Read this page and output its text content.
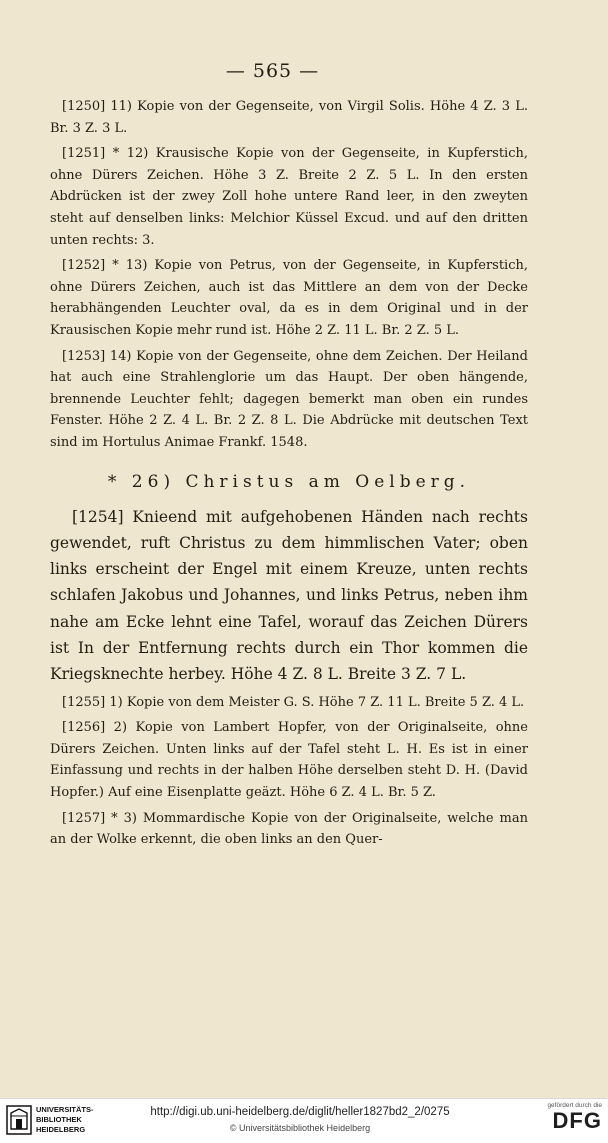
— 565 —

[1250] 11) Kopie von der Gegenseite, von Virgil Solis. Höhe 4 Z. 3 L. Br. 3 Z. 3 L.

[1251] * 12) Krausische Kopie von der Gegenseite, in Kupferstich, ohne Dürers Zeichen. Höhe 3 Z. Breite 2 Z. 5 L. In den ersten Abdrücken ist der zwey Zoll hohe untere Rand leer, in den zweyten steht auf denselben links: Melchior Küssel Excud. und auf den dritten unten rechts: 3.

[1252] * 13) Kopie von Petrus, von der Gegenseite, in Kupferstich, ohne Dürers Zeichen, auch ist das Mittlere an dem von der Decke herabhängenden Leuchter oval, da es in dem Original und in der Krausischen Kopie mehr rund ist. Höhe 2 Z. 11 L. Br. 2 Z. 5 L.

[1253] 14) Kopie von der Gegenseite, ohne dem Zeichen. Der Heiland hat auch eine Strahlenglorie um das Haupt. Der oben hängende, brennende Leuchter fehlt; dagegen bemerkt man oben ein rundes Fenster. Höhe 2 Z. 4 L. Br. 2 Z. 8 L. Die Abdrücke mit deutschen Text sind im Hortulus Animae Frankf. 1548.

* 26) Christus am Oelberg.

[1254] Knieend mit aufgehobenen Händen nach rechts gewendet, ruft Christus zu dem himmlischen Vater; oben links erscheint der Engel mit einem Kreuze, unten rechts schlafen Jakobus und Johannes, und links Petrus, neben ihm nahe am Ecke lehnt eine Tafel, worauf das Zeichen Dürers ist In der Entfernung rechts durch ein Thor kommen die Kriegsknechte herbey. Höhe 4 Z. 8 L. Breite 3 Z. 7 L.

[1255] 1) Kopie von dem Meister G. S. Höhe 7 Z. 11 L. Breite 5 Z. 4 L.

[1256] 2) Kopie von Lambert Hopfer, von der Originalseite, ohne Dürers Zeichen. Unten links auf der Tafel steht L. H. Es ist in einer Einfassung und rechts in der halben Höhe derselben steht D. H. (David Hopfer.) Auf eine Eisenplatte geäzt. Höhe 6 Z. 4 L. Br. 5 Z.

[1257] * 3) Mommardische Kopie von der Originalseite, welche man an der Wolke erkennt, die oben links an den Quer-

UNIVERSITÄTS-
BIBLIOTHEK
HEIDELBERG
http://digi.ub.uni-heidelberg.de/diglit/heller1827bd2_2/0275
© Universitätsbibliothek Heidelberg
gefördert durch die
DFG
